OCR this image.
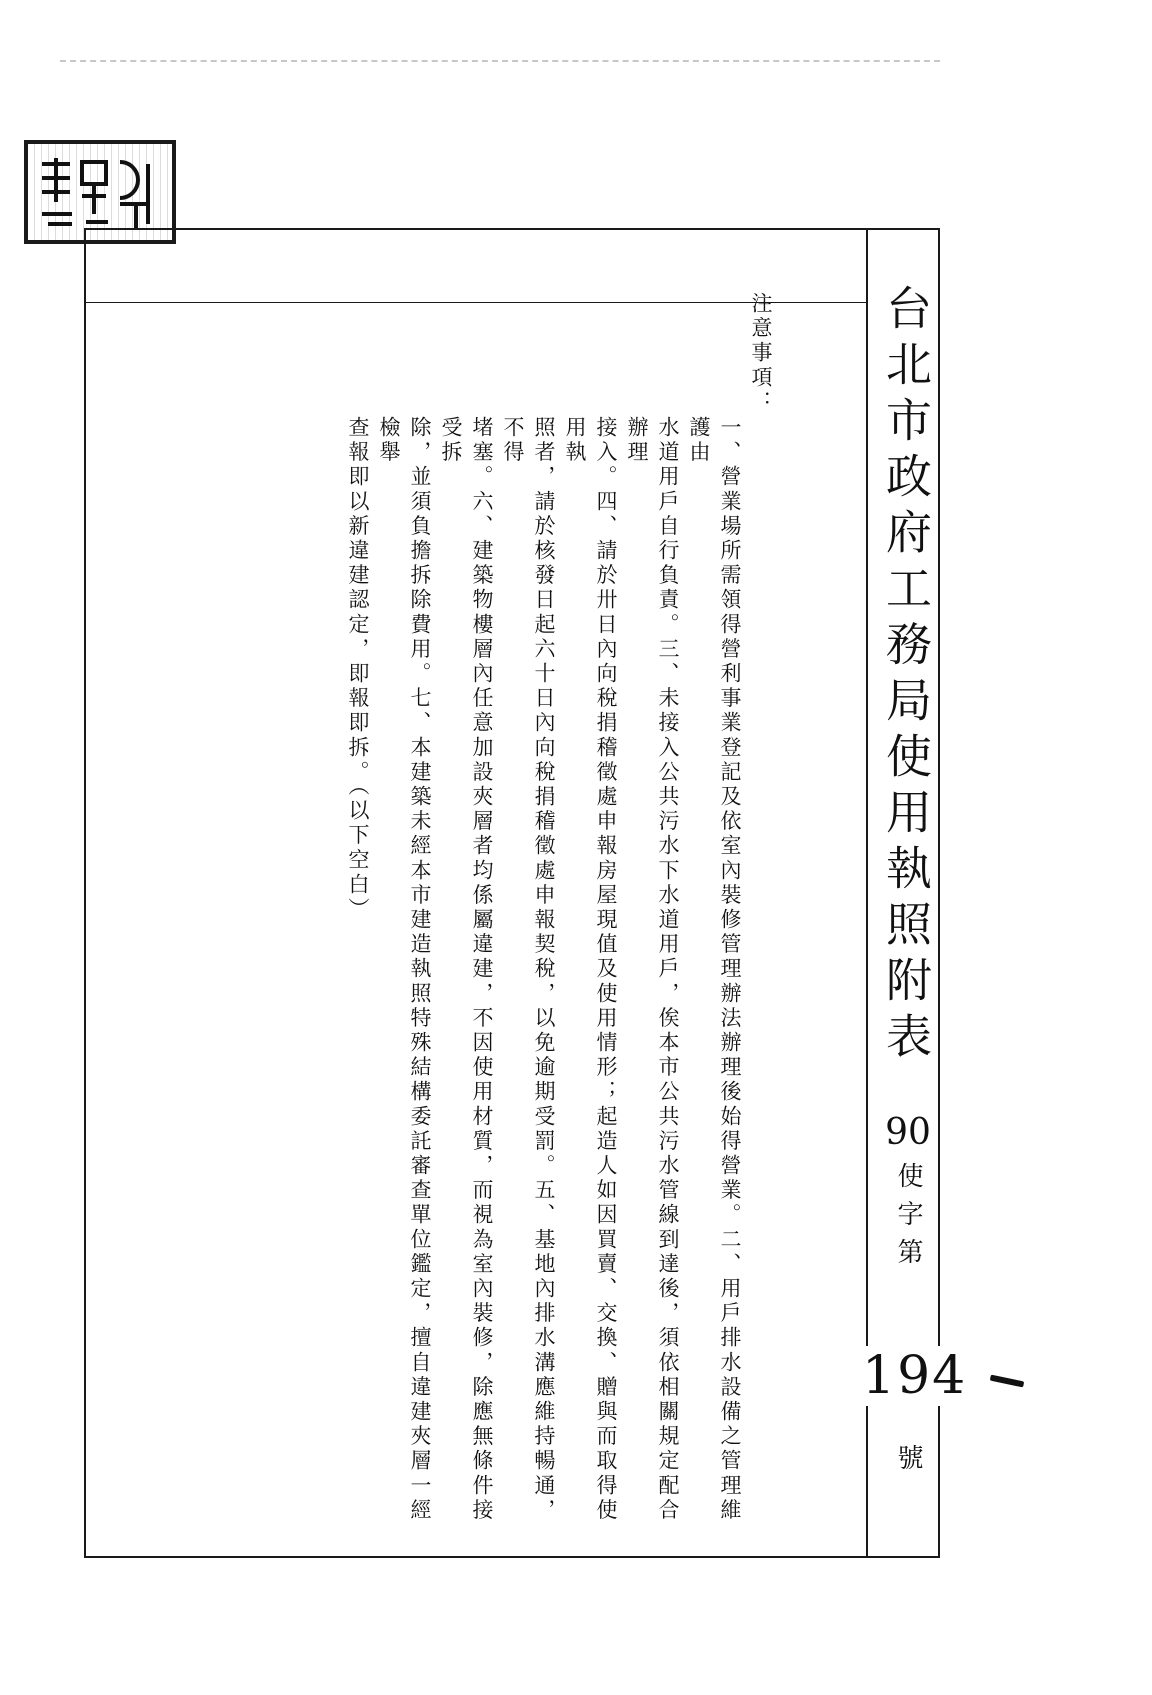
台北市政府工務局使用執照附表
90
使字第
194
號
注意事項：
一、營業場所需領得營利事業登記及依室內裝修管理辦法辦理後始得營業。二、用戶排水設備之管理維護由
水道用戶自行負責。三、未接入公共污水下水道用戶，俟本市公共污水管線到達後，須依相關規定配合辦理
接入。四、請於卅日內向稅捐稽徵處申報房屋現值及使用情形；起造人如因買賣、交換、贈與而取得使用執
照者，請於核發日起六十日內向稅捐稽徵處申報契稅，以免逾期受罰。五、基地內排水溝應維持暢通，不得
堵塞。六、建築物樓層內任意加設夾層者均係屬違建，不因使用材質，而視為室內裝修，除應無條件接受拆
除，並須負擔拆除費用。七、本建築未經本市建造執照特殊結構委託審查單位鑑定，擅自違建夾層一經檢舉
查報即以新違建認定，即報即拆。（以下空白）
